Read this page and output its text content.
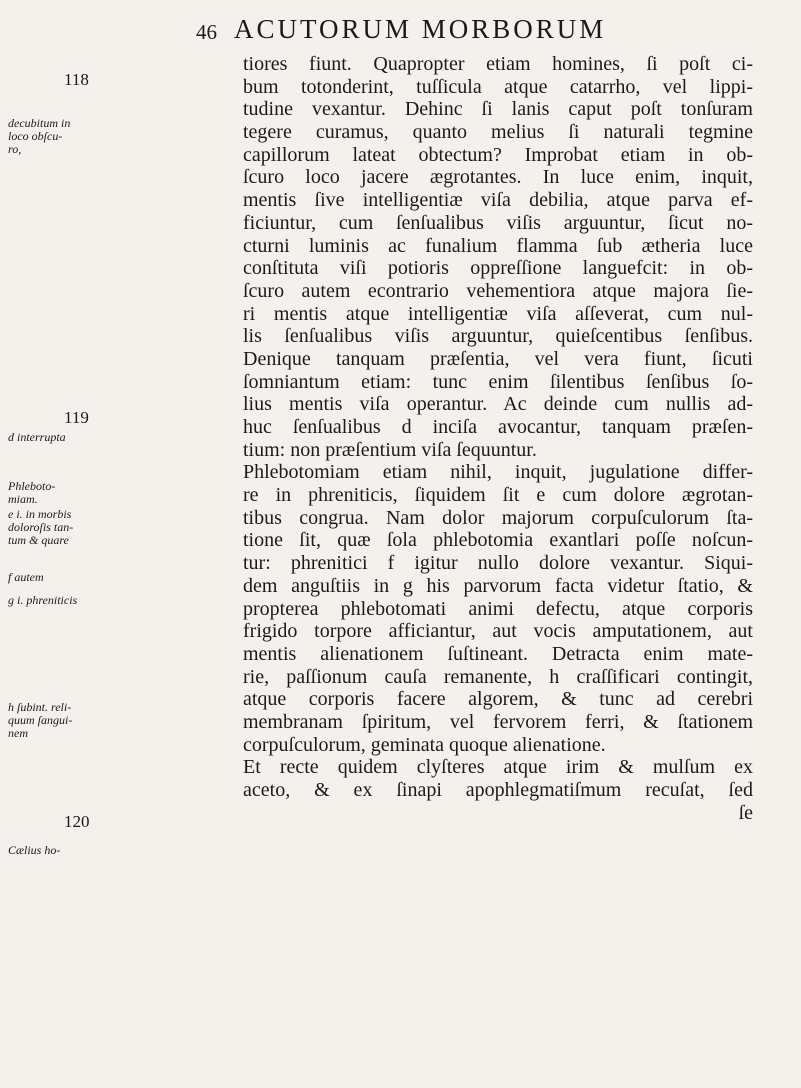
46 ACUTORUM MORBORUM
tiores fiunt. Quapropter etiam homines, ſi poſt ci-
bum totonderint, tuſſicula atque catarrho, vel lippi-
tudine vexantur. Dehinc ſi lanis caput poſt tonſuram
tegere curamus, quanto melius ſi naturali tegmine
capillorum lateat obtectum? Improbat etiam in ob-
ſcuro loco jacere ægrotantes. In luce enim, inquit,
mentis ſive intelligentiæ viſa debilia, atque parva ef-
ficiuntur, cum ſenſualibus viſis arguuntur, ſicut no-
cturni luminis ac funalium flamma ſub ætheria luce
conſtituta viſi potioris oppreſſione languefcit: in ob-
ſcuro autem econtrario vehementiora atque majora ſie-
ri mentis atque intelligentiæ viſa aſſeverat, cum nul-
lis ſenſualibus viſis arguuntur, quieſcentibus ſenſibus.
Denique tanquam præſentia, vel vera fiunt, ſicuti
ſomniantum etiam: tunc enim ſilentibus ſenſibus ſo-
lius mentis viſa operantur. Ac deinde cum nullis ad-
huc ſenſualibus d inciſa avocantur, tanquam præſen-
tium: non præſentium viſa ſequuntur.
Phlebotomiam etiam nihil, inquit, jugulatione differ-
re in phreniticis, ſiquidem ſit e cum dolore ægrotan-
tibus congrua. Nam dolor majorum corpuſculorum ſta-
tione ſit, quæ ſola phlebotomia exantlari poſſe noſcun-
tur: phrenitici f igitur nullo dolore vexantur. Siqui-
dem anguſtiis in g his parvorum facta videtur ſtatio, &
propterea phlebotomati animi defectu, atque corporis
frigido torpore afficiantur, aut vocis amputationem, aut
mentis alienationem ſuſtineant. Detracta enim mate-
rie, paſſionum cauſa remanente, h craſſificari contingit,
atque corporis facere algorem, & tunc ad cerebri
membranam ſpiritum, vel fervorem ferri, & ſtationem
corpuſculorum, geminata quoque alienatione.
Et recte quidem clyſteres atque irim & mulſum ex
aceto, & ex ſinapi apophlegmatiſmum recuſat, ſed
ſe
118
decubitum in loco obſcu- ro,
119
d interrupta
Phleboto- miam.
e i. in morbis doloroſis tan- tum & quare
f autem
g i. phreniticis
h ſubint. reli- quum ſangui- nem
120
Cælius ho-
